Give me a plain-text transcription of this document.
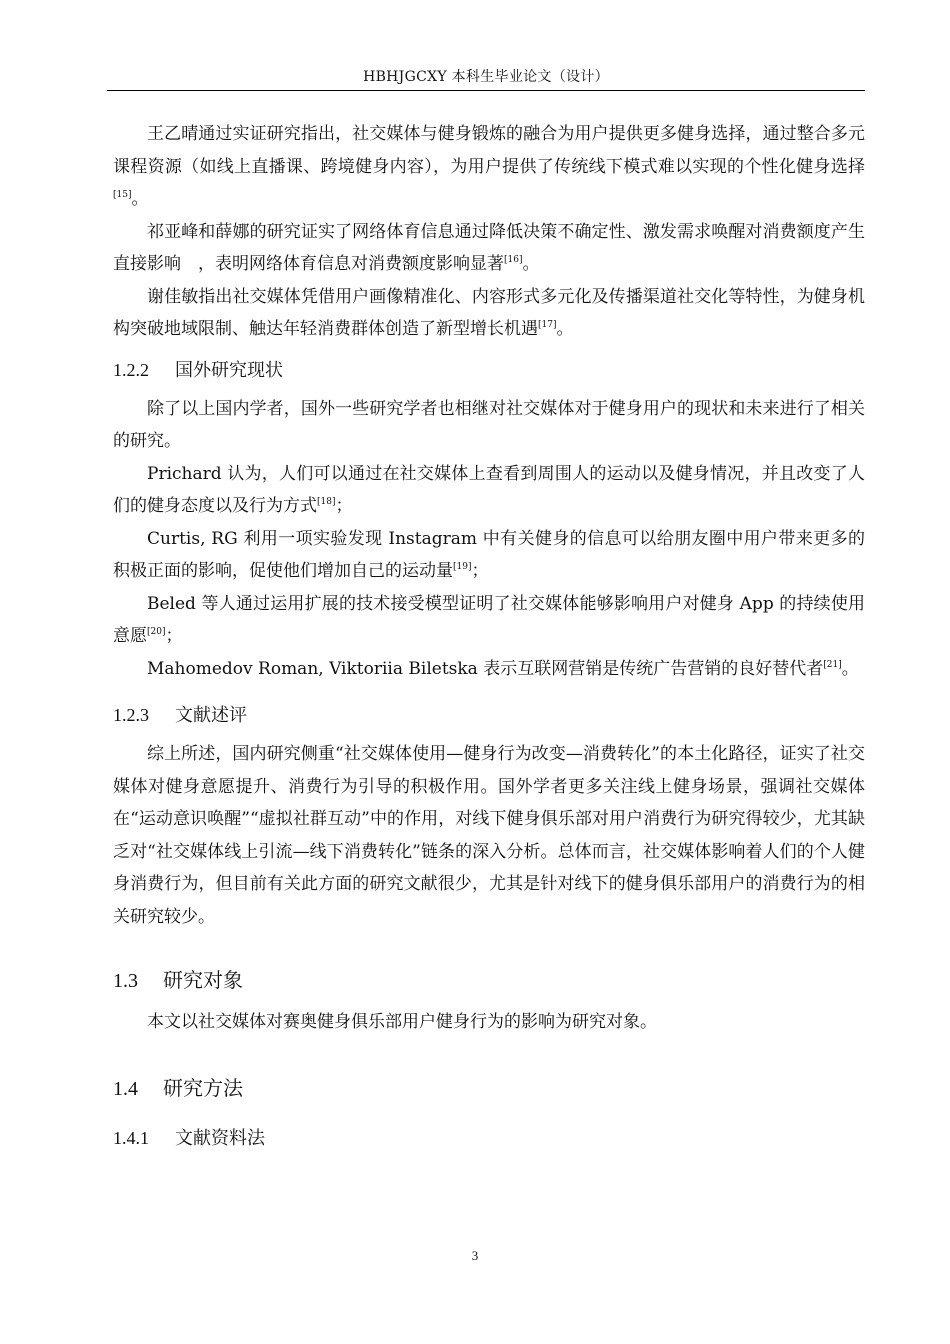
HBHJGCXY 本科生毕业论文（设计）

王乙晴通过实证研究指出，社交媒体与健身锻炼的融合为用户提供更多健身选择，通过整合多元课程资源（如线上直播课、跨境健身内容），为用户提供了传统线下模式难以实现的个性化健身选择[15]。

祁亚峰和薛娜的研究证实了网络体育信息通过降低决策不确定性、激发需求唤醒对消费额度产生直接影响　，表明网络体育信息对消费额度影响显著[16]。

谢佳敏指出社交媒体凭借用户画像精准化、内容形式多元化及传播渠道社交化等特性，为健身机构突破地域限制、触达年轻消费群体创造了新型增长机遇[17]。

1.2.2 国外研究现状

除了以上国内学者，国外一些研究学者也相继对社交媒体对于健身用户的现状和未来进行了相关的研究。

Prichard 认为，人们可以通过在社交媒体上查看到周围人的运动以及健身情况，并且改变了人们的健身态度以及行为方式[18]；

Curtis, RG 利用一项实验发现 Instagram 中有关健身的信息可以给朋友圈中用户带来更多的积极正面的影响，促使他们增加自己的运动量[19]；

Beled 等人通过运用扩展的技术接受模型证明了社交媒体能够影响用户对健身 App 的持续使用意愿[20]；

Mahomedov Roman, Viktoriia Biletska 表示互联网营销是传统广告营销的良好替代者[21]。

1.2.3 文献述评

综上所述，国内研究侧重“社交媒体使用—健身行为改变—消费转化”的本土化路径，证实了社交媒体对健身意愿提升、消费行为引导的积极作用。国外学者更多关注线上健身场景，强调社交媒体在“运动意识唤醒”“虚拟社群互动”中的作用，对线下健身俱乐部对用户消费行为研究得较少，尤其缺乏对“社交媒体线上引流—线下消费转化”链条的深入分析。总体而言，社交媒体影响着人们的个人健身消费行为，但目前有关此方面的研究文献很少，尤其是针对线下的健身俱乐部用户的消费行为的相关研究较少。

1.3 研究对象

本文以社交媒体对赛奥健身俱乐部用户健身行为的影响为研究对象。

1.4 研究方法
1.4.1 文献资料法
3
